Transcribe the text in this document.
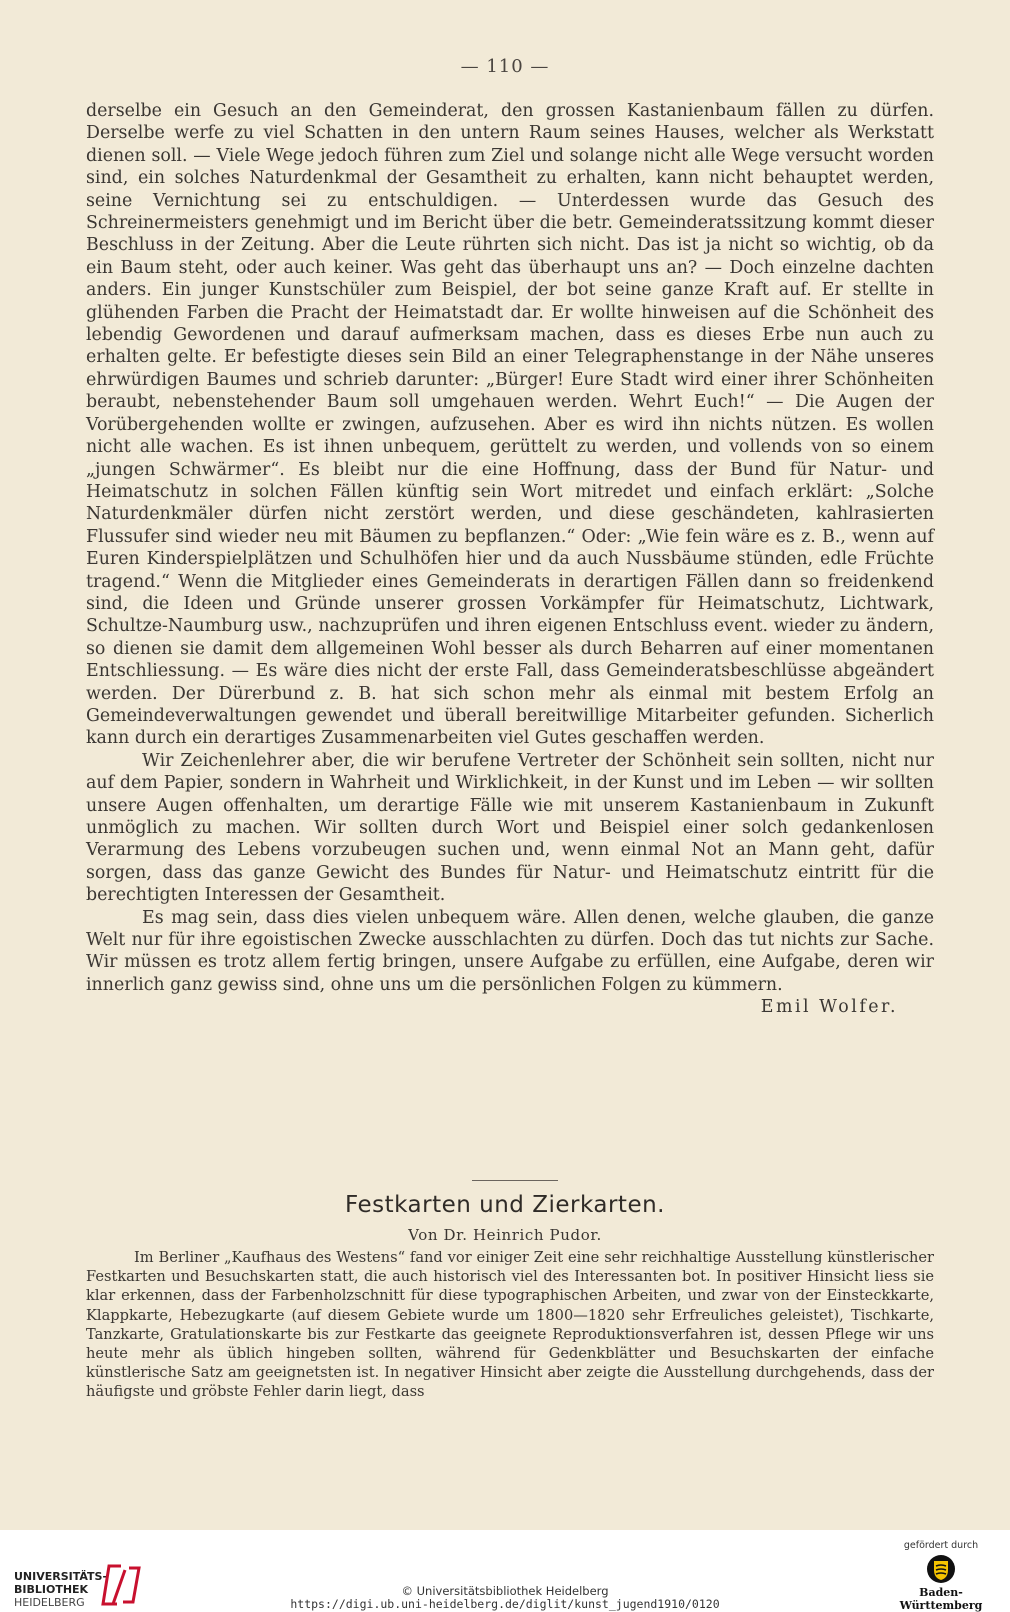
— 110 —

derselbe ein Gesuch an den Gemeinderat, den grossen Kastanienbaum fällen zu dürfen. Derselbe werfe zu viel Schatten in den untern Raum seines Hauses, welcher als Werkstatt dienen soll. — Viele Wege jedoch führen zum Ziel und solange nicht alle Wege versucht worden sind, ein solches Naturdenkmal der Gesamtheit zu erhalten, kann nicht behauptet werden, seine Vernichtung sei zu entschuldigen. — Unterdessen wurde das Gesuch des Schreinermeisters genehmigt und im Bericht über die betr. Gemeinderatssitzung kommt dieser Beschluss in der Zeitung. Aber die Leute rührten sich nicht. Das ist ja nicht so wichtig, ob da ein Baum steht, oder auch keiner. Was geht das überhaupt uns an? — Doch einzelne dachten anders. Ein junger Kunstschüler zum Beispiel, der bot seine ganze Kraft auf. Er stellte in glühenden Farben die Pracht der Heimatstadt dar. Er wollte hinweisen auf die Schönheit des lebendig Gewordenen und darauf aufmerksam machen, dass es dieses Erbe nun auch zu erhalten gelte. Er befestigte dieses sein Bild an einer Telegraphenstange in der Nähe unseres ehrwürdigen Baumes und schrieb darunter: „Bürger! Eure Stadt wird einer ihrer Schönheiten beraubt, nebenstehender Baum soll umgehauen werden. Wehrt Euch!“ — Die Augen der Vorübergehenden wollte er zwingen, aufzusehen. Aber es wird ihn nichts nützen. Es wollen nicht alle wachen. Es ist ihnen unbequem, gerüttelt zu werden, und vollends von so einem „jungen Schwärmer“. Es bleibt nur die eine Hoffnung, dass der Bund für Natur- und Heimatschutz in solchen Fällen künftig sein Wort mitredet und einfach erklärt: „Solche Naturdenkmäler dürfen nicht zerstört werden, und diese geschändeten, kahlrasierten Flussufer sind wieder neu mit Bäumen zu bepflanzen.“ Oder: „Wie fein wäre es z. B., wenn auf Euren Kinderspielplätzen und Schulhöfen hier und da auch Nussbäume stünden, edle Früchte tragend.“ Wenn die Mitglieder eines Gemeinderats in derartigen Fällen dann so freidenkend sind, die Ideen und Gründe unserer grossen Vorkämpfer für Heimatschutz, Lichtwark, Schultze-Naumburg usw., nachzuprüfen und ihren eigenen Entschluss event. wieder zu ändern, so dienen sie damit dem allgemeinen Wohl besser als durch Beharren auf einer momentanen Entschliessung. — Es wäre dies nicht der erste Fall, dass Gemeinderatsbeschlüsse abgeändert werden. Der Dürerbund z. B. hat sich schon mehr als einmal mit bestem Erfolg an Gemeindeverwaltungen gewendet und überall bereitwillige Mitarbeiter gefunden. Sicherlich kann durch ein derartiges Zusammenarbeiten viel Gutes geschaffen werden.

Wir Zeichenlehrer aber, die wir berufene Vertreter der Schönheit sein sollten, nicht nur auf dem Papier, sondern in Wahrheit und Wirklichkeit, in der Kunst und im Leben — wir sollten unsere Augen offenhalten, um derartige Fälle wie mit unserem Kastanienbaum in Zukunft unmöglich zu machen. Wir sollten durch Wort und Beispiel einer solch gedankenlosen Verarmung des Lebens vorzubeugen suchen und, wenn einmal Not an Mann geht, dafür sorgen, dass das ganze Gewicht des Bundes für Natur- und Heimatschutz eintritt für die berechtigten Interessen der Gesamtheit.

Es mag sein, dass dies vielen unbequem wäre. Allen denen, welche glauben, die ganze Welt nur für ihre egoistischen Zwecke ausschlachten zu dürfen. Doch das tut nichts zur Sache. Wir müssen es trotz allem fertig bringen, unsere Aufgabe zu erfüllen, eine Aufgabe, deren wir innerlich ganz gewiss sind, ohne uns um die persönlichen Folgen zu kümmern.

Emil Wolfer.

Festkarten und Zierkarten.
Von Dr. Heinrich Pudor.

Im Berliner „Kaufhaus des Westens“ fand vor einiger Zeit eine sehr reichhaltige Ausstellung künstlerischer Festkarten und Besuchskarten statt, die auch historisch viel des Interessanten bot. In positiver Hinsicht liess sie klar erkennen, dass der Farbenholzschnitt für diese typographischen Arbeiten, und zwar von der Einsteckkarte, Klappkarte, Hebezugkarte (auf diesem Gebiete wurde um 1800—1820 sehr Erfreuliches geleistet), Tischkarte, Tanzkarte, Gratulationskarte bis zur Festkarte das geeignete Reproduktionsverfahren ist, dessen Pflege wir uns heute mehr als üblich hingeben sollten, während für Gedenkblätter und Besuchskarten der einfache künstlerische Satz am geeignetsten ist. In negativer Hinsicht aber zeigte die Ausstellung durchgehends, dass der häufigste und gröbste Fehler darin liegt, dass

UNIVERSITÄTS-
BIBLIOTHEK
HEIDELBERG
© Universitätsbibliothek Heidelberg
https://digi.ub.uni-heidelberg.de/diglit/kunst_jugend1910/0120
gefördert durch
Baden-Württemberg
